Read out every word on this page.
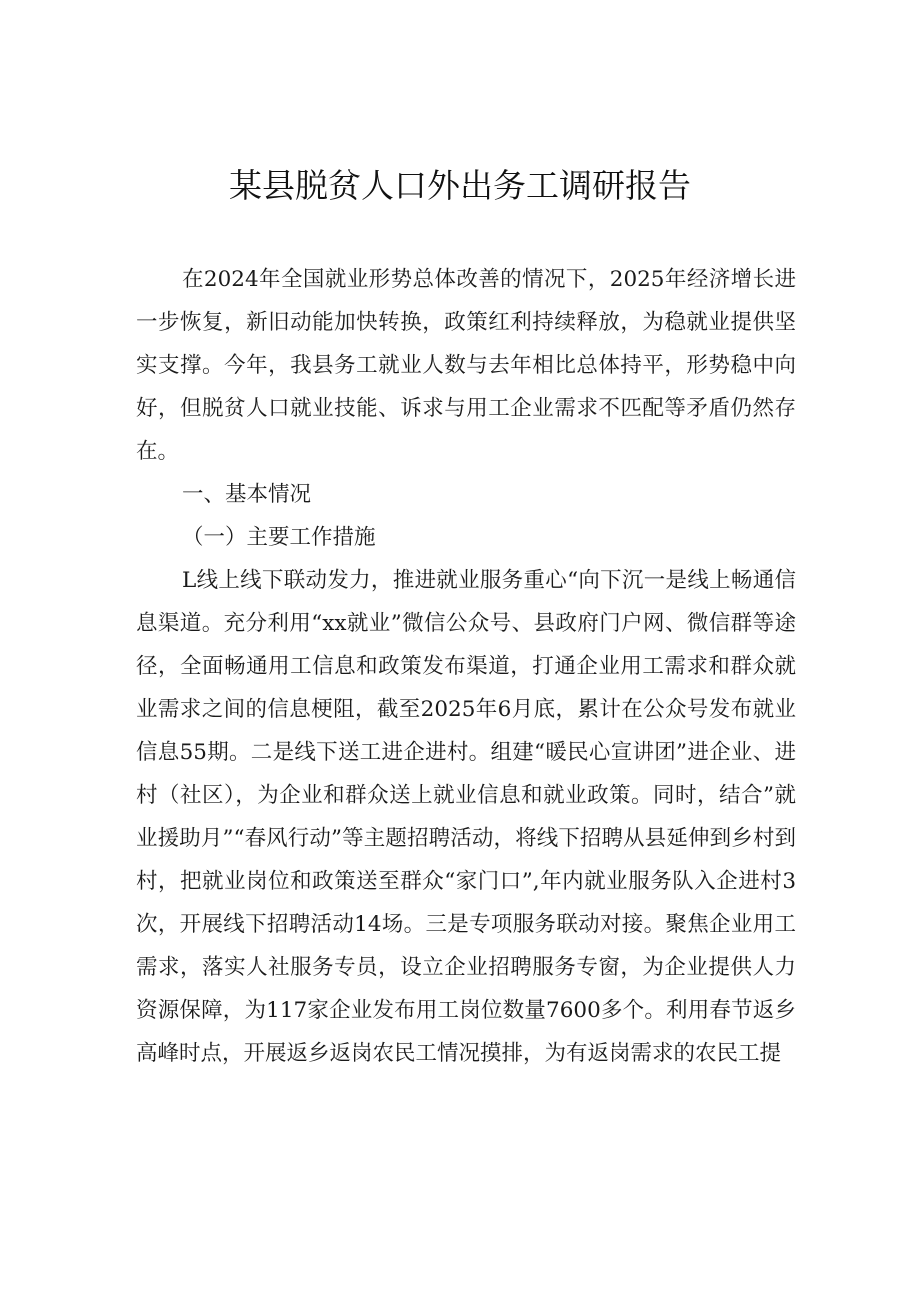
某县脱贫人口外出务工调研报告

在2024年全国就业形势总体改善的情况下，2025年经济增长进一步恢复，新旧动能加快转换，政策红利持续释放，为稳就业提供坚实支撑。今年，我县务工就业人数与去年相比总体持平，形势稳中向好，但脱贫人口就业技能、诉求与用工企业需求不匹配等矛盾仍然存在。

一、基本情况
（一）主要工作措施

L线上线下联动发力，推进就业服务重心“向下沉一是线上畅通信息渠道。充分利用“xx就业”微信公众号、县政府门户网、微信群等途径，全面畅通用工信息和政策发布渠道，打通企业用工需求和群众就业需求之间的信息梗阻，截至2025年6月底，累计在公众号发布就业信息55期。二是线下送工进企进村。组建“暖民心宣讲团”进企业、进村（社区），为企业和群众送上就业信息和就业政策。同时，结合”就业援助月”“春风行动”等主题招聘活动，将线下招聘从县延伸到乡村到村，把就业岗位和政策送至群众“家门口”,年内就业服务队入企进村3次，开展线下招聘活动14场。三是专项服务联动对接。聚焦企业用工需求，落实人社服务专员，设立企业招聘服务专窗，为企业提供人力资源保障，为117家企业发布用工岗位数量7600多个。利用春节返乡高峰时点，开展返乡返岗农民工情况摸排，为有返岗需求的农民工提
